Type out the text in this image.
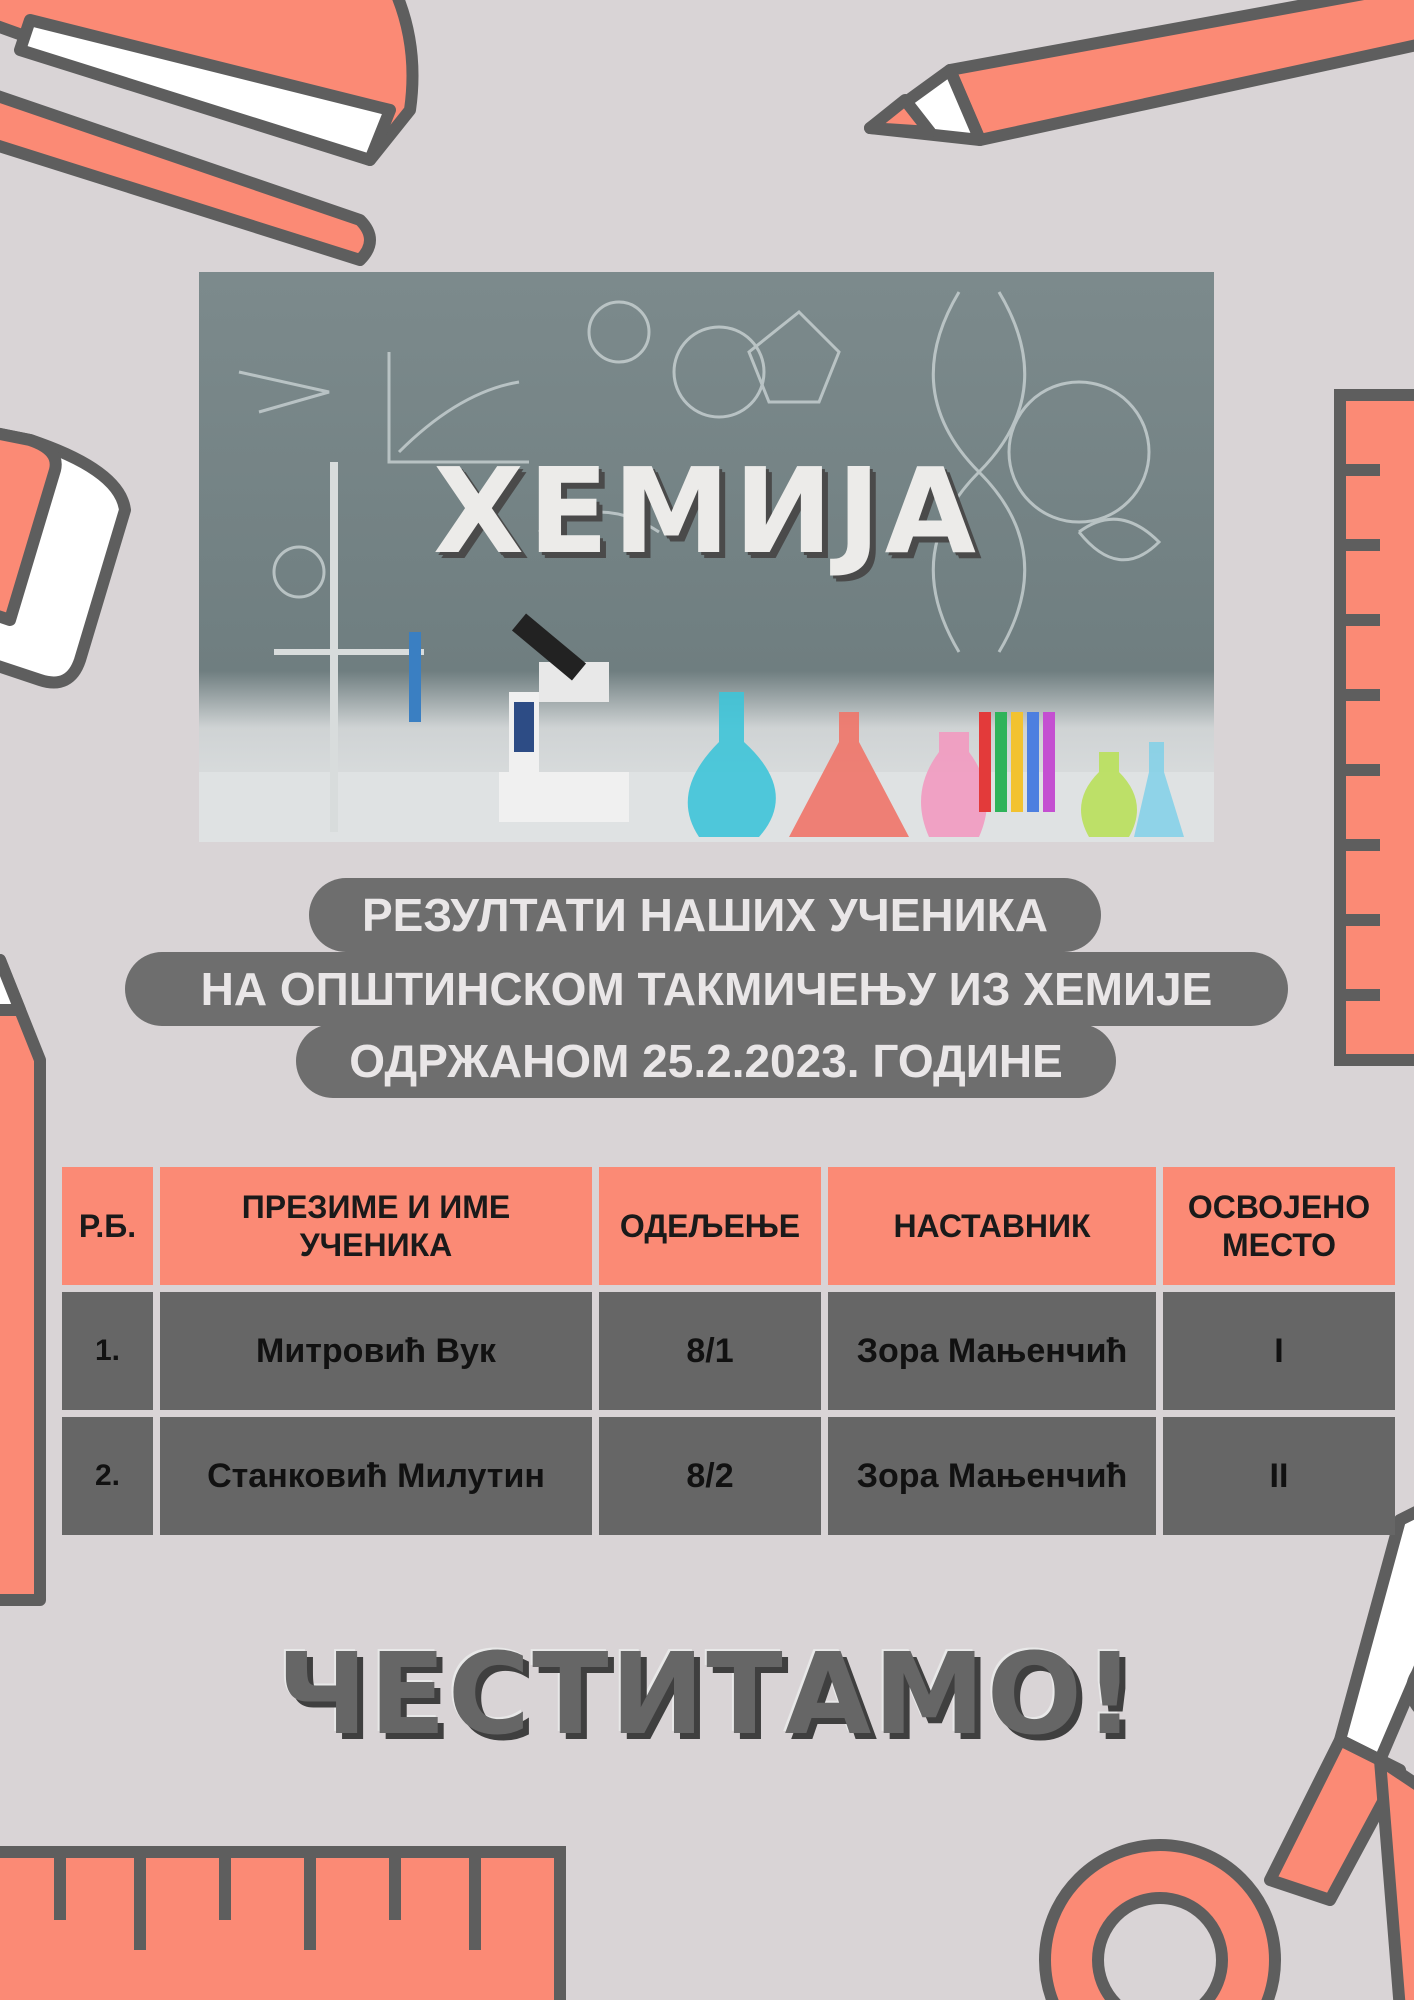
ХЕМИЈА
РЕЗУЛТАТИ НАШИХ УЧЕНИКА
НА ОПШТИНСКОМ ТАКМИЧЕЊУ ИЗ ХЕМИЈЕ
ОДРЖАНОМ 25.2.2023. ГОДИНЕ
Р.Б.	ПРЕЗИМЕ И ИМЕ УЧЕНИКА	ОДЕЉЕЊЕ	НАСТАВНИК	ОСВОЈЕНО МЕСТО
1.	Митровић Вук	8/1	Зора Мањенчић	I
2.	Станковић Милутин	8/2	Зора Мањенчић	II
ЧЕСТИТАМО!
